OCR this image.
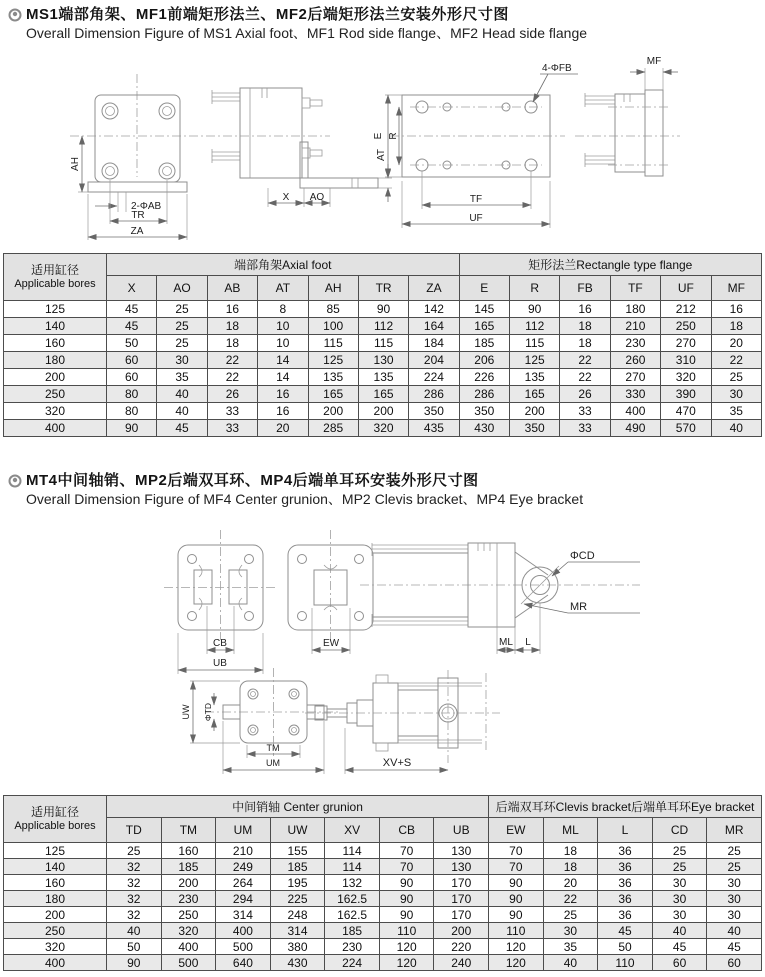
MS1端部角架、MF1前端矩形法兰、MF2后端矩形法兰安装外形尺寸图
Overall Dimension Figure of MS1 Axial foot、MF1 Rod side flange、MF2 Head side flange
AH
2-ΦAB
TR
ZA
X AO
AT
E R
4-ΦFB
TF
UF
MF
适用缸径
Applicable bores	端部角架Axial foot							矩形法兰Rectangle type flange					
	X	AO	AB	AT	AH	TR	ZA	E	R	FB	TF	UF	MF
125	45	25	16	8	85	90	142	145	90	16	180	212	16
140	45	25	18	10	100	112	164	165	112	18	210	250	18
160	50	25	18	10	115	115	184	185	115	18	230	270	20
180	60	30	22	14	125	130	204	206	125	22	260	310	22
200	60	35	22	14	135	135	224	226	135	22	270	320	25
250	80	40	26	16	165	165	286	286	165	26	330	390	30
320	80	40	33	16	200	200	350	350	200	33	400	470	35
400	90	45	33	20	285	320	435	430	350	33	490	570	40
MT4中间轴销、MP2后端双耳环、MP4后端单耳环安装外形尺寸图
Overall Dimension Figure of MF4 Center grunion、MP2 Clevis bracket、MP4 Eye bracket
CB
UB
EW
ΦCD
MR
ML L
UW ΦTD
TM
UM	XV+S
适用缸径
Applicable bores	中间销轴 Center grunion							后端双耳环Clevis bracket后端单耳环Eye bracket				
	TD	TM	UM	UW	XV	CB	UB	EW	ML	L	CD	MR
125	25	160	210	155	114	70	130	70	18	36	25	25
140	32	185	249	185	114	70	130	70	18	36	25	25
160	32	200	264	195	132	90	170	90	20	36	30	30
180	32	230	294	225	162.5	90	170	90	22	36	30	30
200	32	250	314	248	162.5	90	170	90	25	36	30	30
250	40	320	400	314	185	110	200	110	30	45	40	40
320	50	400	500	380	230	120	220	120	35	50	45	45
400	90	500	640	430	224	120	240	120	40	110	60	60
